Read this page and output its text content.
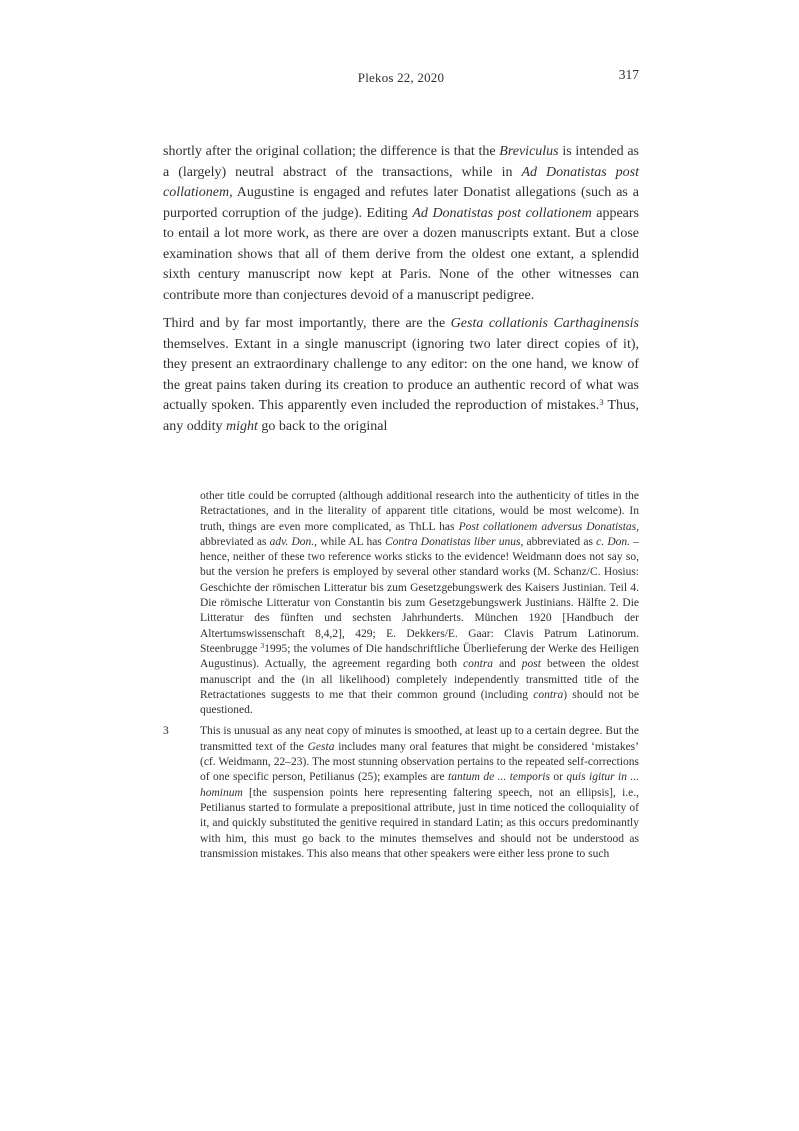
Plekos 22, 2020	317

shortly after the original collation; the difference is that the Breviculus is intended as a (largely) neutral abstract of the transactions, while in Ad Donatistas post collationem, Augustine is engaged and refutes later Donatist allegations (such as a purported corruption of the judge). Editing Ad Donatistas post collationem appears to entail a lot more work, as there are over a dozen manuscripts extant. But a close examination shows that all of them derive from the oldest one extant, a splendid sixth century manuscript now kept at Paris. None of the other witnesses can contribute more than conjectures devoid of a manuscript pedigree.

Third and by far most importantly, there are the Gesta collationis Carthaginensis themselves. Extant in a single manuscript (ignoring two later direct copies of it), they present an extraordinary challenge to any editor: on the one hand, we know of the great pains taken during its creation to produce an authentic record of what was actually spoken. This apparently even included the reproduction of mistakes.$^3$ Thus, any oddity might go back to the original

other title could be corrupted (although additional research into the authenticity of titles in the Retractationes, and in the literality of apparent title citations, would be most welcome). In truth, things are even more complicated, as ThLL has Post collationem adversus Donatistas, abbreviated as adv. Don., while AL has Contra Donatistas liber unus, abbreviated as c. Don. – hence, neither of these two reference works sticks to the evidence! Weidmann does not say so, but the version he prefers is employed by several other standard works (M. Schanz/C. Hosius: Geschichte der römischen Litteratur bis zum Gesetzgebungswerk des Kaisers Justinian. Teil 4. Die römische Litteratur von Constantin bis zum Gesetzgebungswerk Justinians. Hälfte 2. Die Litteratur des fünften und sechsten Jahrhunderts. München 1920 [Handbuch der Altertumswissenschaft 8,4,2], 429; E. Dekkers/E. Gaar: Clavis Patrum Latinorum. Steenbrugge $^3$1995; the volumes of Die handschriftliche Überlieferung der Werke des Heiligen Augustinus). Actually, the agreement regarding both contra and post between the oldest manuscript and the (in all likelihood) completely independently transmitted title of the Retractationes suggests to me that their common ground (including contra) should not be questioned.
3	This is unusual as any neat copy of minutes is smoothed, at least up to a certain degree. But the transmitted text of the Gesta includes many oral features that might be considered ‘mistakes’ (cf. Weidmann, 22–23). The most stunning observation pertains to the repeated self-corrections of one specific person, Petilianus (25); examples are tantum de ... temporis or quis igitur in ... hominum [the suspension points here representing faltering speech, not an ellipsis], i.e., Petilianus started to formulate a prepositional attribute, just in time noticed the colloquiality of it, and quickly substituted the genitive required in standard Latin; as this occurs predominantly with him, this must go back to the minutes themselves and should not be understood as transmission mistakes. This also means that other speakers were either less prone to such
